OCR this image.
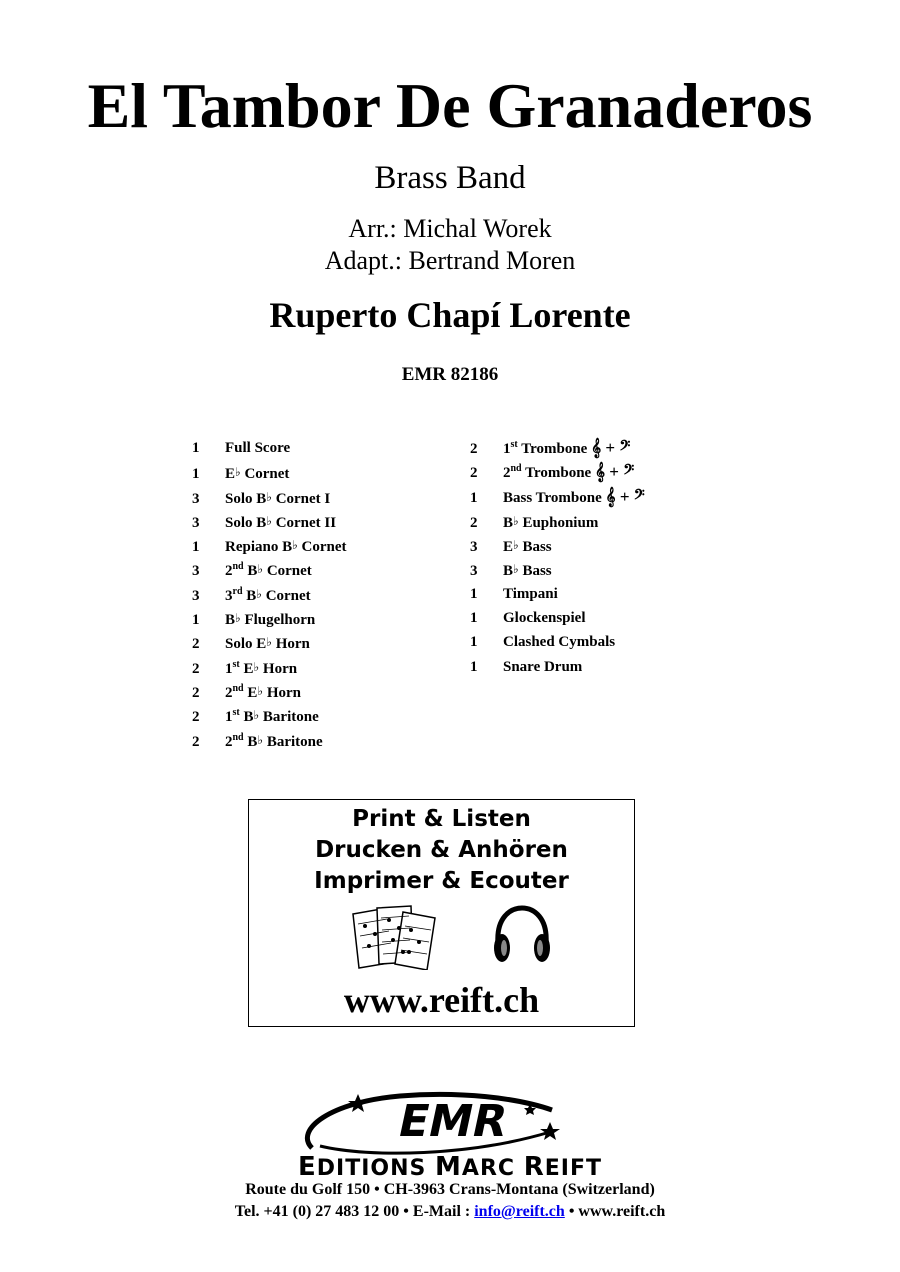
El Tambor De Granaderos
Brass Band
Arr.: Michal Worek
Adapt.: Bertrand Moren
Ruperto Chapí Lorente
EMR 82186
1 Full Score
1 E♭ Cornet
3 Solo B♭ Cornet I
3 Solo B♭ Cornet II
1 Repiano B♭ Cornet
3 2nd B♭ Cornet
3 3rd B♭ Cornet
1 B♭ Flugelhorn
2 Solo E♭ Horn
2 1st E♭ Horn
2 2nd E♭ Horn
2 1st B♭ Baritone
2 2nd B♭ Baritone
2 1st Trombone 𝄞 + 𝄢
2 2nd Trombone 𝄞 + 𝄢
1 Bass Trombone 𝄞 + 𝄢
2 B♭ Euphonium
3 E♭ Bass
3 B♭ Bass
1 Timpani
1 Glockenspiel
1 Clashed Cymbals
1 Snare Drum
Print & Listen
Drucken & Anhören
Imprimer & Ecouter
www.reift.ch
EMR
EDITIONS MARC REIFT
Route du Golf 150 • CH-3963 Crans-Montana (Switzerland)
Tel. +41 (0) 27 483 12 00 • E-Mail : info@reift.ch • www.reift.ch
